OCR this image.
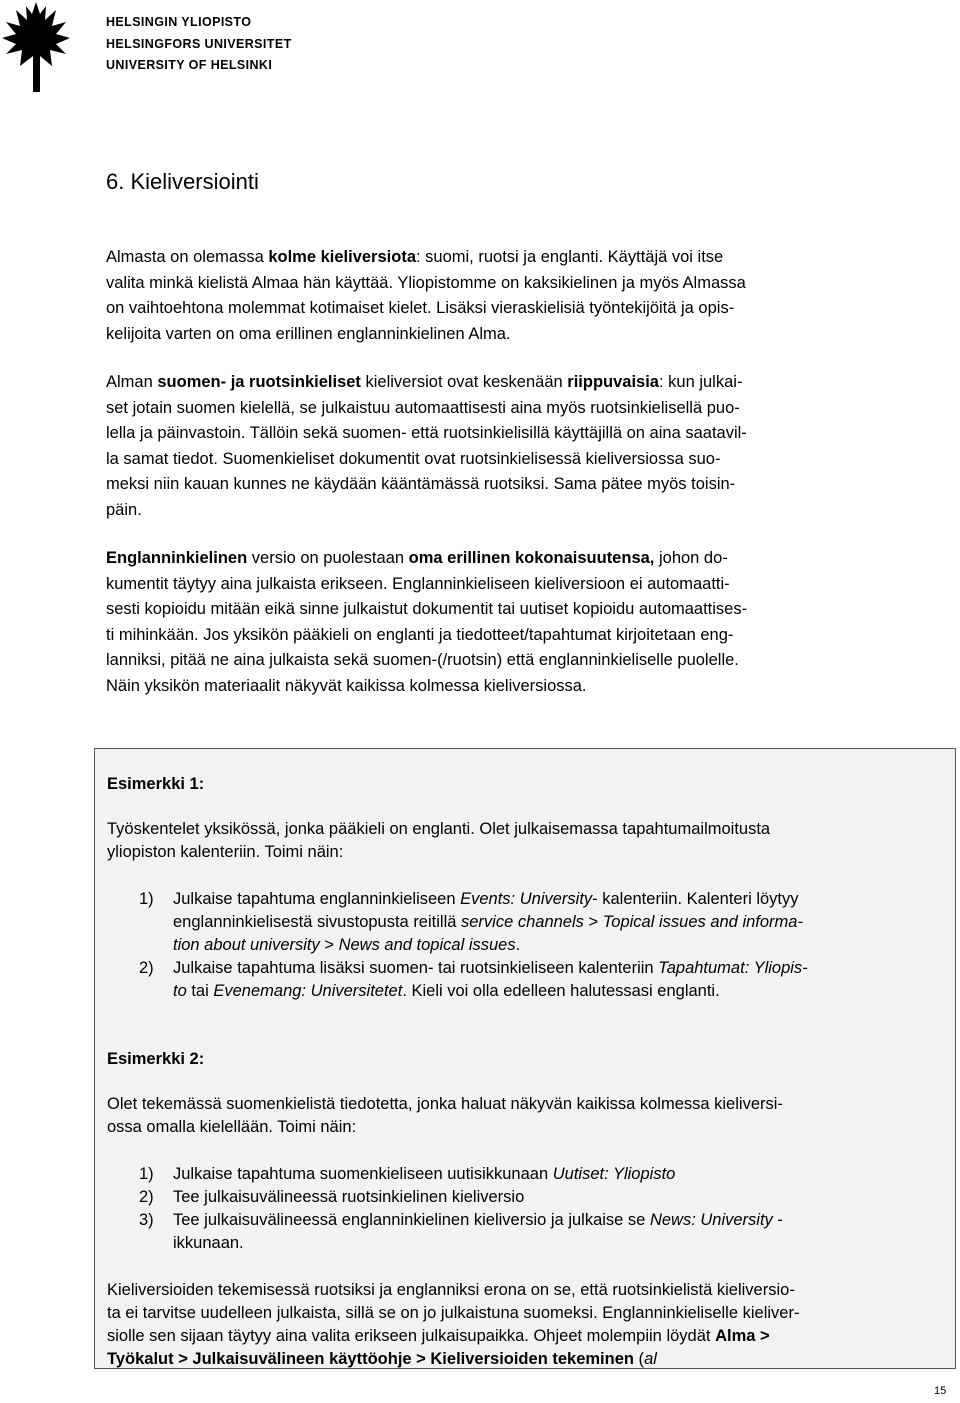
HELSINGIN YLIOPISTO
HELSINGFORS UNIVERSITET
UNIVERSITY OF HELSINKI
6. Kieliversiointi
Almasta on olemassa kolme kieliversiota: suomi, ruotsi ja englanti. Käyttäjä voi itse
valita minkä kielistä Almaa hän käyttää. Yliopistomme on kaksikielinen ja myös Almassa
on vaihtoehtona molemmat kotimaiset kielet. Lisäksi vieraskielisiä työntekijöitä ja opis-
kelijoita varten on oma erillinen englanninkielinen Alma.
Alman suomen- ja ruotsinkieliset kieliversiot ovat keskenään riippuvaisia: kun julkai-
set jotain suomen kielellä, se julkaistuu automaattisesti aina myös ruotsinkielisellä puo-
lella ja päinvastoin. Tällöin sekä suomen- että ruotsinkielisillä käyttäjillä on aina saatavil-
la samat tiedot. Suomenkieliset dokumentit ovat ruotsinkielisessä kieliversiossa suo-
meksi niin kauan kunnes ne käydään kääntämässä ruotsiksi. Sama pätee myös toisin-
päin.
Englanninkielinen versio on puolestaan oma erillinen kokonaisuutensa, johon do-
kumentit täytyy aina julkaista erikseen. Englanninkieliseen kieliversioon ei automaatti-
sesti kopioidu mitään eikä sinne julkaistut dokumentit tai uutiset kopioidu automaattises-
ti mihinkään. Jos yksikön pääkieli on englanti ja tiedotteet/tapahtumat kirjoitetaan eng-
lanniksi, pitää ne aina julkaista sekä suomen-(/ruotsin) että englanninkieliselle puolelle.
Näin yksikön materiaalit näkyvät kaikissa kolmessa kieliversiossa.
Esimerkki 1:
Työskentelet yksikössä, jonka pääkieli on englanti. Olet julkaisemassa tapahtumailmoitusta
yliopiston kalenteriin. Toimi näin:
1) Julkaise tapahtuma englanninkieliseen Events: University- kalenteriin. Kalenteri löytyy
englanninkielisestä sivustopusta reitillä service channels > Topical issues and informa-
tion about university > News and topical issues.
2) Julkaise tapahtuma lisäksi suomen- tai ruotsinkieliseen kalenteriin Tapahtumat: Yliopis-
to tai Evenemang: Universitetet. Kieli voi olla edelleen halutessasi englanti.
Esimerkki 2:
Olet tekemässä suomenkielistä tiedotetta, jonka haluat näkyvän kaikissa kolmessa kieliversi-
ossa omalla kielellään. Toimi näin:
1) Julkaise tapahtuma suomenkieliseen uutisikkunaan Uutiset: Yliopisto
2) Tee julkaisuvälineessä ruotsinkielinen kieliversio
3) Tee julkaisuvälineessä englanninkielinen kieliversio ja julkaise se News: University -
ikkunaan.
Kieliversioiden tekemisessä ruotsiksi ja englanniksi erona on se, että ruotsinkielistä kieliversio-
ta ei tarvitse uudelleen julkaista, sillä se on jo julkaistuna suomeksi. Englanninkieliselle kieliver-
siolle sen sijaan täytyy aina valita erikseen julkaisupaikka. Ohjeet molempiin löydät Alma >
Työkalut > Julkaisuvälineen käyttöohje > Kieliversioiden tekeminen (al
15
